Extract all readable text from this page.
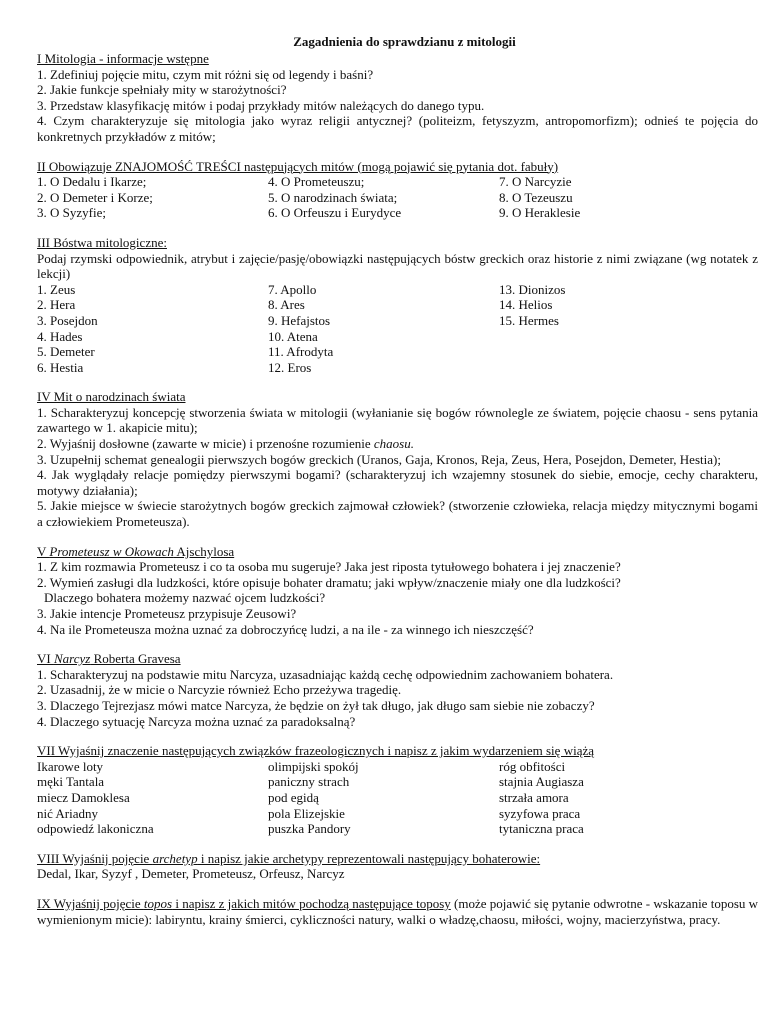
Zagadnienia do sprawdzianu z mitologii
I Mitologia - informacje wstępne
1. Zdefiniuj pojęcie mitu, czym mit różni się od legendy i baśni?
2. Jakie funkcje spełniały mity w starożytności?
3. Przedstaw klasyfikację mitów i podaj przykłady mitów należących do danego typu.
4. Czym charakteryzuje się mitologia jako wyraz religii antycznej? (politeizm, fetyszyzm, antropomorfizm); odnieś te pojęcia do konkretnych przykładów z mitów;
II Obowiązuje ZNAJOMOŚĆ TREŚCI następujących mitów (mogą pojawić się pytania dot. fabuły)
1. O Dedalu i Ikarze;	4. O Prometeuszu;	7. O Narcyzie
2. O Demeter i Korze;	5. O narodzinach świata;	8. O Tezeuszu
3. O Syzyfie;	6. O Orfeuszu i Eurydyce	9. O Heraklesie
III Bóstwa mitologiczne:
Podaj rzymski odpowiednik, atrybut i zajęcie/pasję/obowiązki następujących bóstw greckich oraz historie z nimi związane (wg notatek z lekcji)
1. Zeus	7. Apollo	13. Dionizos
2. Hera	8. Ares	14. Helios
3. Posejdon	9. Hefajstos	15. Hermes
4. Hades	10. Atena
5. Demeter	11. Afrodyta
6. Hestia	12. Eros
IV Mit o narodzinach świata
1. Scharakteryzuj koncepcję stworzenia świata w mitologii (wyłanianie się bogów równolegle ze światem, pojęcie chaosu - sens pytania zawartego w 1. akapicie mitu);
2. Wyjaśnij dosłowne (zawarte w micie) i przenośne rozumienie chaosu.
3. Uzupełnij schemat genealogii pierwszych bogów greckich (Uranos, Gaja, Kronos, Reja, Zeus, Hera, Posejdon, Demeter, Hestia);
4. Jak wyglądały relacje pomiędzy pierwszymi bogami? (scharakteryzuj ich wzajemny stosunek do siebie, emocje, cechy charakteru, motywy działania);
5. Jakie miejsce w świecie starożytnych bogów greckich zajmował człowiek? (stworzenie człowieka, relacja między mitycznymi bogami a człowiekiem Prometeusza).
V Prometeusz w Okowach Ajschylosa
1. Z kim rozmawia Prometeusz i co ta osoba mu sugeruje? Jaka jest riposta tytułowego bohatera i jej znaczenie?
2. Wymień zasługi dla ludzkości, które opisuje bohater dramatu; jaki wpływ/znaczenie miały one dla ludzkości?
Dlaczego bohatera możemy nazwać ojcem ludzkości?
3. Jakie intencje Prometeusz przypisuje Zeusowi?
4. Na ile Prometeusza można uznać za dobroczyńcę ludzi, a na ile - za winnego ich nieszczęść?
VI Narcyz Roberta Gravesa
1. Scharakteryzuj na podstawie mitu Narcyza, uzasadniając każdą cechę odpowiednim zachowaniem bohatera.
2. Uzasadnij, że w micie o Narcyzie również Echo przeżywa tragedię.
3. Dlaczego Tejrezjasz mówi matce Narcyza, że będzie on żył tak długo, jak długo sam siebie nie zobaczy?
4. Dlaczego sytuację Narcyza można uznać za paradoksalną?
VII Wyjaśnij znaczenie następujących związków frazeologicznych i napisz z jakim wydarzeniem się wiążą
Ikarowe loty	olimpijski spokój	róg obfitości
męki Tantala	paniczny strach	stajnia Augiasza
miecz Damoklesa	pod egidą	strzała amora
nić Ariadny	pola Elizejskie	syzyfowa praca
odpowiedź lakoniczna	puszka Pandory	tytaniczna praca
VIII Wyjaśnij pojęcie archetyp i napisz jakie archetypy reprezentowali następujący bohaterowie:
Dedal, Ikar, Syzyf , Demeter, Prometeusz, Orfeusz, Narcyz
IX Wyjaśnij pojęcie topos i napisz z jakich mitów pochodzą następujące toposy (może pojawić się pytanie odwrotne - wskazanie toposu w wymienionym micie): labiryntu, krainy śmierci, cykliczności natury, walki o władzę,chaosu, miłości, wojny, macierzyństwa, pracy.
